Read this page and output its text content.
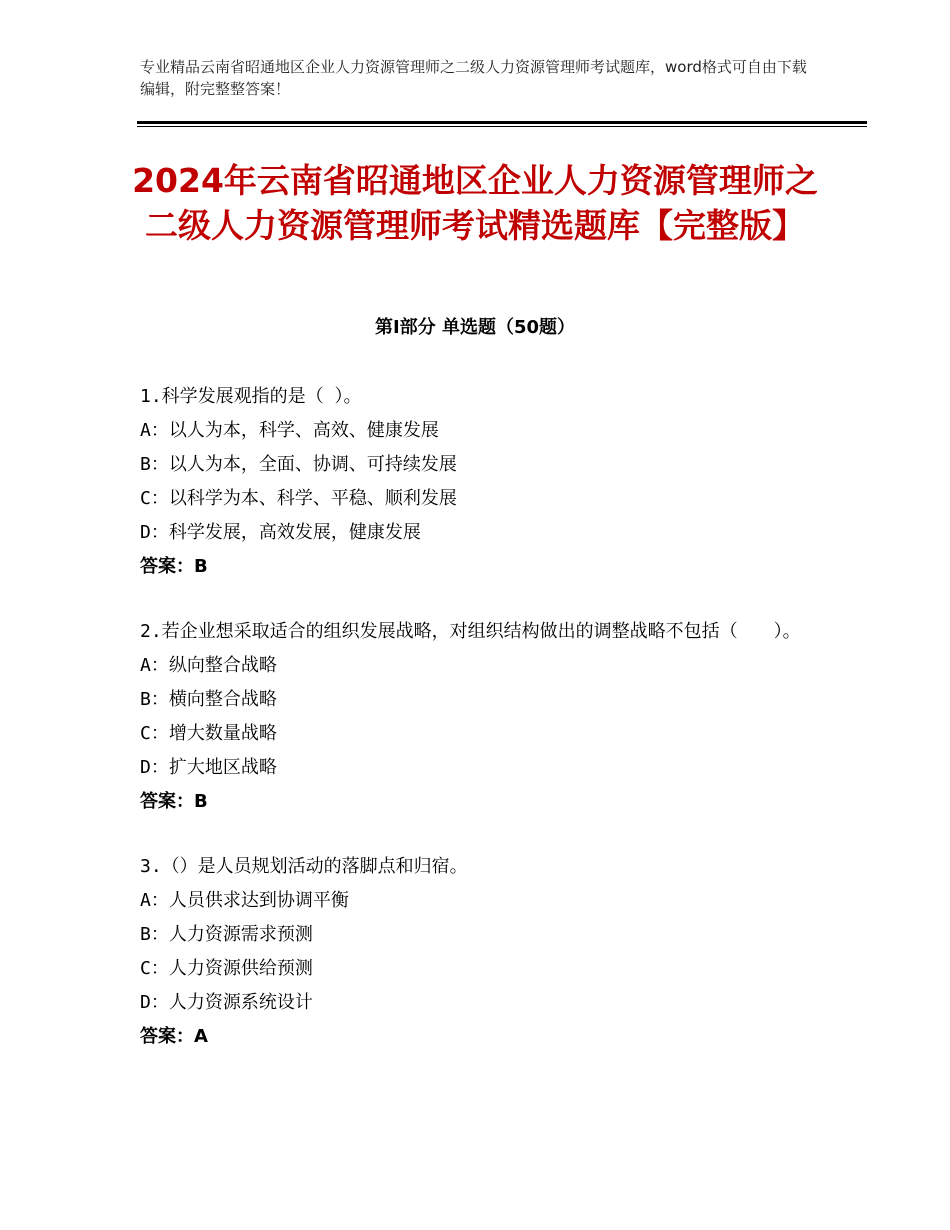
专业精品云南省昭通地区企业人力资源管理师之二级人力资源管理师考试题库，word格式可自由下载编辑，附完整整答案！
2024年云南省昭通地区企业人力资源管理师之二级人力资源管理师考试精选题库【完整版】
第Ⅰ部分 单选题（50题）
1.科学发展观指的是（ ）。
A：以人为本，科学、高效、健康发展
B：以人为本，全面、协调、可持续发展
C：以科学为本、科学、平稳、顺利发展
D：科学发展，高效发展，健康发展
答案：B
2.若企业想采取适合的组织发展战略，对组织结构做出的调整战略不包括（　　）。
A：纵向整合战略
B：横向整合战略
C：增大数量战略
D：扩大地区战略
答案：B
3.（）是人员规划活动的落脚点和归宿。
A：人员供求达到协调平衡
B：人力资源需求预测
C：人力资源供给预测
D：人力资源系统设计
答案：A
